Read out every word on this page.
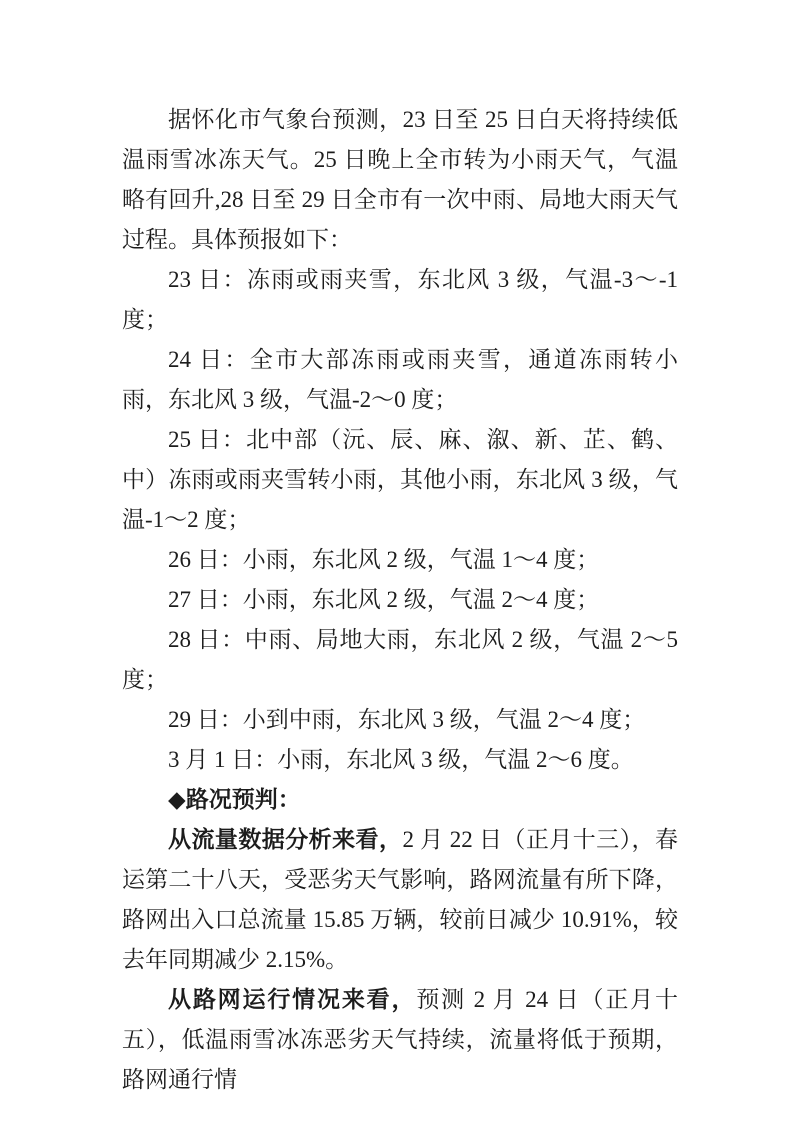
据怀化市气象台预测，23 日至 25 日白天将持续低温雨雪冰冻天气。25 日晚上全市转为小雨天气，气温略有回升,28 日至 29 日全市有一次中雨、局地大雨天气过程。具体预报如下：

23 日：冻雨或雨夹雪，东北风 3 级，气温-3～-1 度；

24 日：全市大部冻雨或雨夹雪，通道冻雨转小雨，东北风 3 级，气温-2～0 度；

25 日：北中部（沅、辰、麻、溆、新、芷、鹤、中）冻雨或雨夹雪转小雨，其他小雨，东北风 3 级，气温-1～2 度；

26 日：小雨，东北风 2 级，气温 1～4 度；

27 日：小雨，东北风 2 级，气温 2～4 度；

28 日：中雨、局地大雨，东北风 2 级，气温 2～5 度；

29 日：小到中雨，东北风 3 级，气温 2～4 度；

3 月 1 日：小雨，东北风 3 级，气温 2～6 度。

◆路况预判：

从流量数据分析来看，2 月 22 日（正月十三），春运第二十八天，受恶劣天气影响，路网流量有所下降，路网出入口总流量 15.85 万辆，较前日减少 10.91%，较去年同期减少 2.15%。

从路网运行情况来看，预测 2 月 24 日（正月十五），低温雨雪冰冻恶劣天气持续，流量将低于预期，路网通行情
